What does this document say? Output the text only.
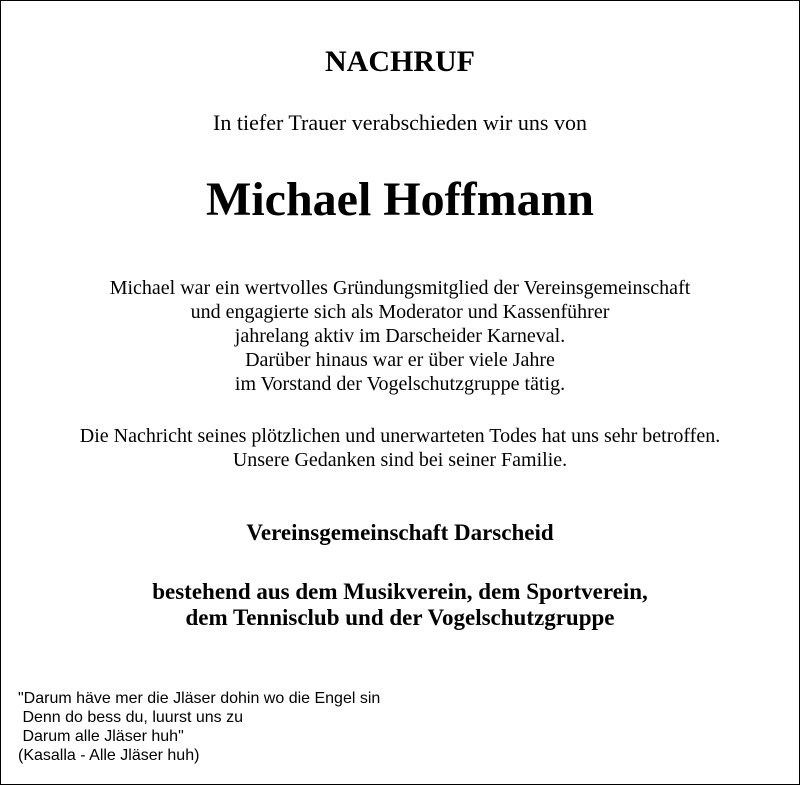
NACHRUF
In tiefer Trauer verabschieden wir uns von
Michael Hoffmann
Michael war ein wertvolles Gründungsmitglied der Vereinsgemeinschaft
und engagierte sich als Moderator und Kassenführer
jahrelang aktiv im Darscheider Karneval.
Darüber hinaus war er über viele Jahre
im Vorstand der Vogelschutzgruppe tätig.
Die Nachricht seines plötzlichen und unerwarteten Todes hat uns sehr betroffen.
Unsere Gedanken sind bei seiner Familie.
Vereinsgemeinschaft Darscheid
bestehend aus dem Musikverein, dem Sportverein,
dem Tennisclub und der Vogelschutzgruppe
"Darum häve mer die Jläser dohin wo die Engel sin
Denn do bess du, luurst uns zu
Darum alle Jläser huh"
(Kasalla - Alle Jläser huh)
